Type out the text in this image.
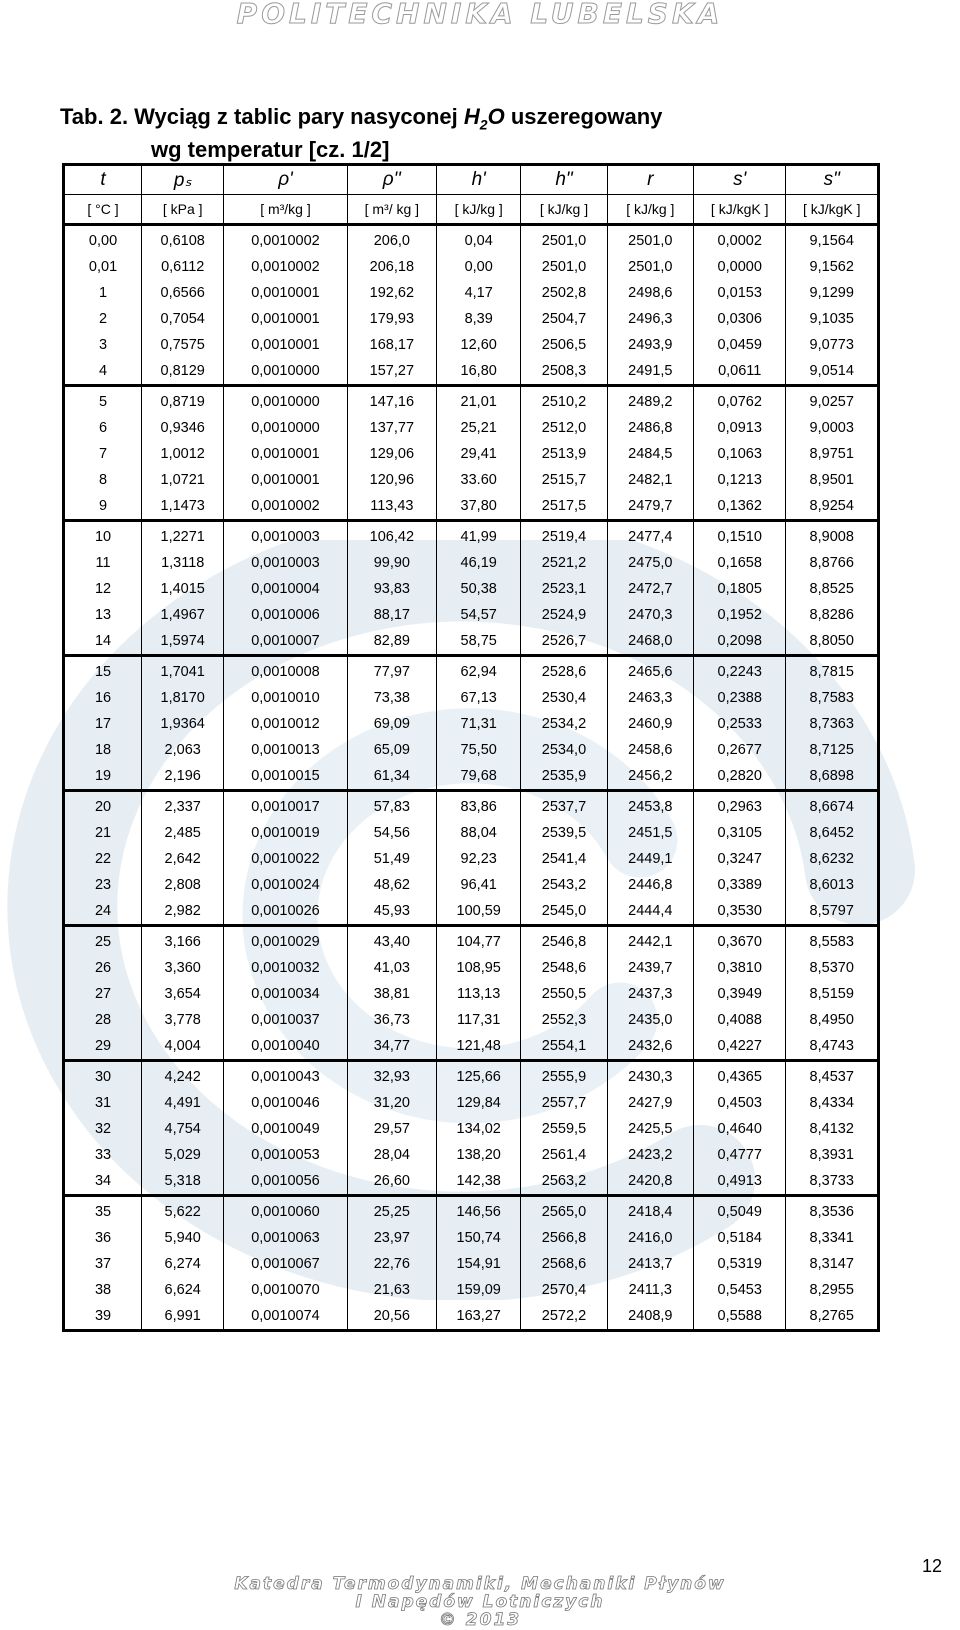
POLITECHNIKA LUBELSKA
Tab. 2. Wyciąg z tablic pary nasyconej $H_2O$ uszeregowany
wg temperatur [cz. 1/2]
t	pₛ	ρ'	ρ''	h'	h"	r	s'	s"
[ °C ]	[ kPa ]	[ m³/kg ]	[ m³/ kg ]	[ kJ/kg ]	[ kJ/kg ]	[ kJ/kg ]	[ kJ/kgK ]	[ kJ/kgK ]
0,00	0,6108	0,0010002	206,0	0,04	2501,0	2501,0	0,0002	9,1564
0,01	0,6112	0,0010002	206,18	0,00	2501,0	2501,0	0,0000	9,1562
1	0,6566	0,0010001	192,62	4,17	2502,8	2498,6	0,0153	9,1299
2	0,7054	0,0010001	179,93	8,39	2504,7	2496,3	0,0306	9,1035
3	0,7575	0,0010001	168,17	12,60	2506,5	2493,9	0,0459	9,0773
4	0,8129	0,0010000	157,27	16,80	2508,3	2491,5	0,0611	9,0514
5	0,8719	0,0010000	147,16	21,01	2510,2	2489,2	0,0762	9,0257
6	0,9346	0,0010000	137,77	25,21	2512,0	2486,8	0,0913	9,0003
7	1,0012	0,0010001	129,06	29,41	2513,9	2484,5	0,1063	8,9751
8	1,0721	0,0010001	120,96	33.60	2515,7	2482,1	0,1213	8,9501
9	1,1473	0,0010002	113,43	37,80	2517,5	2479,7	0,1362	8,9254
10	1,2271	0,0010003	106,42	41,99	2519,4	2477,4	0,1510	8,9008
11	1,3118	0,0010003	99,90	46,19	2521,2	2475,0	0,1658	8,8766
12	1,4015	0,0010004	93,83	50,38	2523,1	2472,7	0,1805	8,8525
13	1,4967	0,0010006	88,17	54,57	2524,9	2470,3	0,1952	8,8286
14	1,5974	0,0010007	82,89	58,75	2526,7	2468,0	0,2098	8,8050
15	1,7041	0,0010008	77,97	62,94	2528,6	2465,6	0,2243	8,7815
16	1,8170	0,0010010	73,38	67,13	2530,4	2463,3	0,2388	8,7583
17	1,9364	0,0010012	69,09	71,31	2534,2	2460,9	0,2533	8,7363
18	2,063	0,0010013	65,09	75,50	2534,0	2458,6	0,2677	8,7125
19	2,196	0,0010015	61,34	79,68	2535,9	2456,2	0,2820	8,6898
20	2,337	0,0010017	57,83	83,86	2537,7	2453,8	0,2963	8,6674
21	2,485	0,0010019	54,56	88,04	2539,5	2451,5	0,3105	8,6452
22	2,642	0,0010022	51,49	92,23	2541,4	2449,1	0,3247	8,6232
23	2,808	0,0010024	48,62	96,41	2543,2	2446,8	0,3389	8,6013
24	2,982	0,0010026	45,93	100,59	2545,0	2444,4	0,3530	8,5797
25	3,166	0,0010029	43,40	104,77	2546,8	2442,1	0,3670	8,5583
26	3,360	0,0010032	41,03	108,95	2548,6	2439,7	0,3810	8,5370
27	3,654	0,0010034	38,81	113,13	2550,5	2437,3	0,3949	8,5159
28	3,778	0,0010037	36,73	117,31	2552,3	2435,0	0,4088	8,4950
29	4,004	0,0010040	34,77	121,48	2554,1	2432,6	0,4227	8,4743
30	4,242	0,0010043	32,93	125,66	2555,9	2430,3	0,4365	8,4537
31	4,491	0,0010046	31,20	129,84	2557,7	2427,9	0,4503	8,4334
32	4,754	0,0010049	29,57	134,02	2559,5	2425,5	0,4640	8,4132
33	5,029	0,0010053	28,04	138,20	2561,4	2423,2	0,4777	8,3931
34	5,318	0,0010056	26,60	142,38	2563,2	2420,8	0,4913	8,3733
35	5,622	0,0010060	25,25	146,56	2565,0	2418,4	0,5049	8,3536
36	5,940	0,0010063	23,97	150,74	2566,8	2416,0	0,5184	8,3341
37	6,274	0,0010067	22,76	154,91	2568,6	2413,7	0,5319	8,3147
38	6,624	0,0010070	21,63	159,09	2570,4	2411,3	0,5453	8,2955
39	6,991	0,0010074	20,56	163,27	2572,2	2408,9	0,5588	8,2765
12
Katedra Termodynamiki, Mechaniki Płynów
I Napędów Lotniczych
© 2013
